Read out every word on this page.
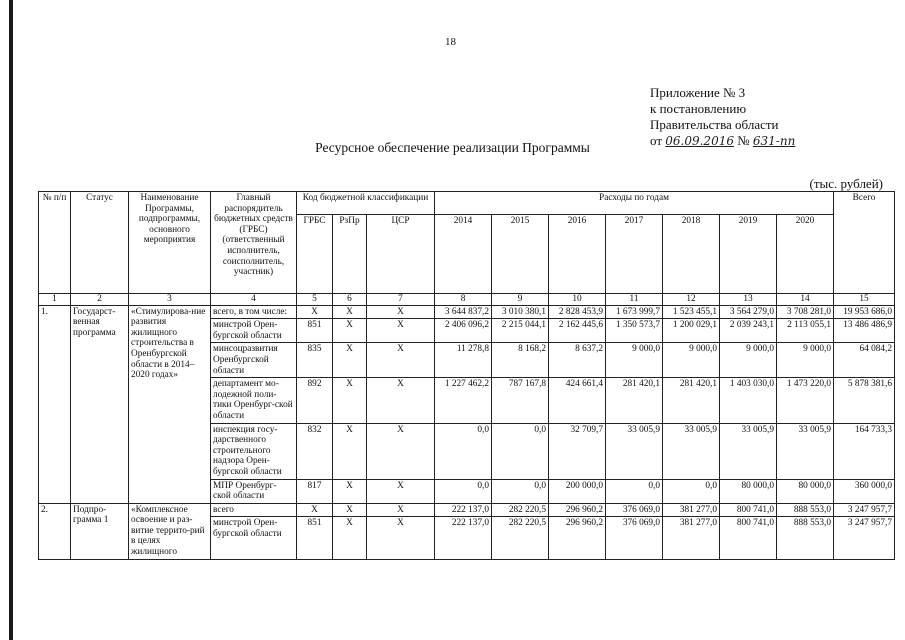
18
Приложение № 3
к постановлению
Правительства области
от 06.09.2016 № 631-пп
Ресурсное обеспечение реализации Программы
(тыс. рублей)
№ п/п	Статус	Наименование Программы, подпрограммы, основного мероприятия	Главный распорядитель бюджетных средств (ГРБС) (ответственный исполнитель, соисполнитель, участник)	Код бюджетной классификации			Расходы по годам							Всего
				ГРБС	РзПр	ЦСР	2014	2015	2016	2017	2018	2019	2020	
1	2	3	4	5	6	7	8	9	10	11	12	13	14	15
1.	Государст-венная программа	«Стимулирова-ние развития жилищного строительства в Оренбургской области в 2014–2020 годах»	всего, в том числе:	Х	Х	Х	3 644 837,2	3 010 380,1	2 828 453,9	1 673 999,7	1 523 455,1	3 564 279,0	3 708 281,0	19 953 686,0
			минстрой Орен-бургской области	851	Х	Х	2 406 096,2	2 215 044,1	2 162 445,6	1 350 573,7	1 200 029,1	2 039 243,1	2 113 055,1	13 486 486,9
			минсоцразвития Оренбургской области	835	Х	Х	11 278,8	8 168,2	8 637,2	9 000,0	9 000,0	9 000,0	9 000,0	64 084,2
			департамент мо-лодежной поли-тики Оренбург-ской области	892	Х	Х	1 227 462,2	787 167,8	424 661,4	281 420,1	281 420,1	1 403 030,0	1 473 220,0	5 878 381,6
			инспекция госу-дарственного строительного надзора Орен-бургской области	832	Х	Х	0,0	0,0	32 709,7	33 005,9	33 005,9	33 005,9	33 005,9	164 733,3
			МПР Оренбург-ской области	817	Х	Х	0,0	0,0	200 000,0	0,0	0,0	80 000,0	80 000,0	360 000,0
2.	Подпро-грамма 1	«Комплексное освоение и раз-витие террито-рий в целях жилищного	всего	Х	Х	Х	222 137,0	282 220,5	296 960,2	376 069,0	381 277,0	800 741,0	888 553,0	3 247 957,7
			минстрой Орен-бургской области	851	Х	Х	222 137,0	282 220,5	296 960,2	376 069,0	381 277,0	800 741,0	888 553,0	3 247 957,7
